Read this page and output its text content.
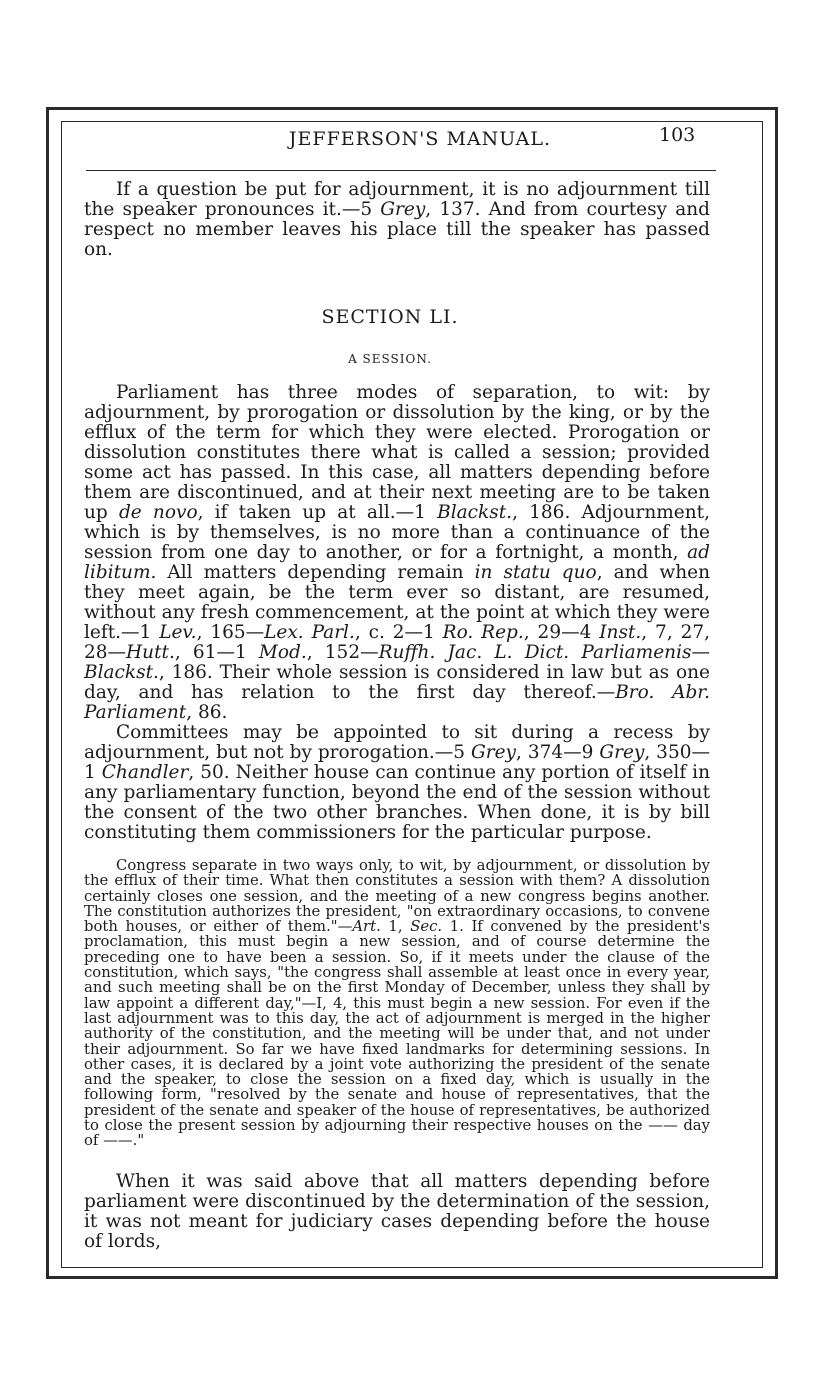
JEFFERSON'S MANUAL.	103

If a question be put for adjournment, it is no adjournment till the speaker pronounces it.—5 Grey, 137. And from courtesy and respect no member leaves his place till the speaker has passed on.

SECTION LI.
A SESSION.

Parliament has three modes of separation, to wit: by adjournment, by prorogation or dissolution by the king, or by the efflux of the term for which they were elected. Prorogation or dissolution constitutes there what is called a session; provided some act has passed. In this case, all matters depending before them are discontinued, and at their next meeting are to be taken up de novo, if taken up at all.—1 Blackst., 186. Adjournment, which is by themselves, is no more than a continuance of the session from one day to another, or for a fortnight, a month, ad libitum. All matters depending remain in statu quo, and when they meet again, be the term ever so distant, are resumed, without any fresh commencement, at the point at which they were left.—1 Lev., 165—Lex. Parl., c. 2—1 Ro. Rep., 29—4 Inst., 7, 27, 28—Hutt., 61—1 Mod., 152—Ruffh. Jac. L. Dict. Parliamenis—Blackst., 186. Their whole session is considered in law but as one day, and has relation to the first day thereof.—Bro. Abr. Parliament, 86.

Committees may be appointed to sit during a recess by adjournment, but not by prorogation.—5 Grey, 374—9 Grey, 350—1 Chandler, 50. Neither house can continue any portion of itself in any parliamentary function, beyond the end of the session without the consent of the two other branches. When done, it is by bill constituting them commissioners for the particular purpose.

Congress separate in two ways only, to wit, by adjournment, or dissolution by the efflux of their time. What then constitutes a session with them? A dissolution certainly closes one session, and the meeting of a new congress begins another. The constitution authorizes the president, "on extraordinary occasions, to convene both houses, or either of them."—Art. 1, Sec. 1. If convened by the president's proclamation, this must begin a new session, and of course determine the preceding one to have been a session. So, if it meets under the clause of the constitution, which says, "the congress shall assemble at least once in every year, and such meeting shall be on the first Monday of December, unless they shall by law appoint a different day,"—I, 4, this must begin a new session. For even if the last adjournment was to this day, the act of adjournment is merged in the higher authority of the constitution, and the meeting will be under that, and not under their adjournment. So far we have fixed landmarks for determining sessions. In other cases, it is declared by a joint vote authorizing the president of the senate and the speaker, to close the session on a fixed day, which is usually in the following form, "resolved by the senate and house of representatives, that the president of the senate and speaker of the house of representatives, be authorized to close the present session by adjourning their respective houses on the —— day of ——."

When it was said above that all matters depending before parliament were discontinued by the determination of the session, it was not meant for judiciary cases depending before the house of lords,
